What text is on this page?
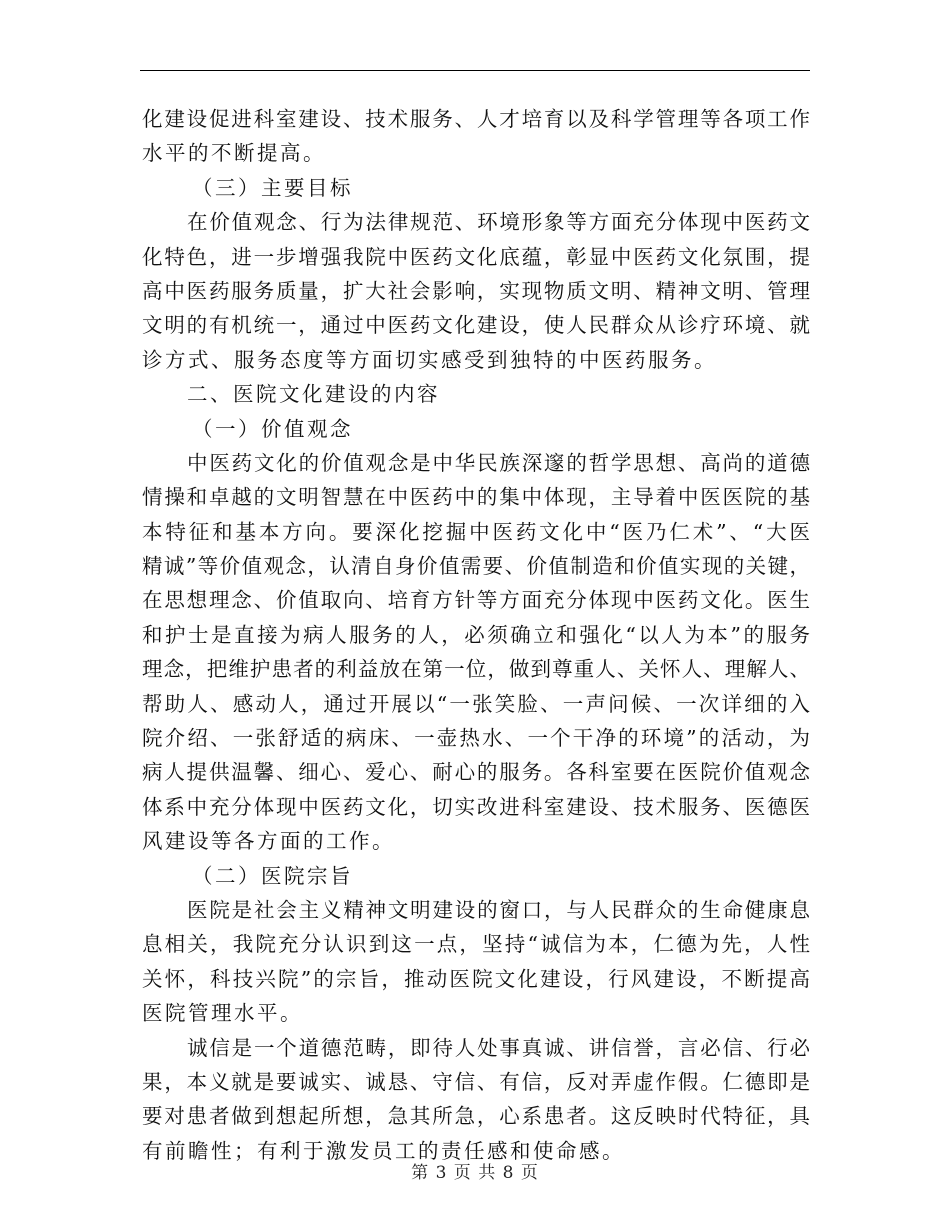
化建设促进科室建设、技术服务、人才培育以及科学管理等各项工作
水平的不断提高。
（三）主要目标
在价值观念、行为法律规范、环境形象等方面充分体现中医药文
化特色，进一步增强我院中医药文化底蕴，彰显中医药文化氛围，提
高中医药服务质量，扩大社会影响，实现物质文明、精神文明、管理
文明的有机统一，通过中医药文化建设，使人民群众从诊疗环境、就
诊方式、服务态度等方面切实感受到独特的中医药服务。
二、医院文化建设的内容
（一）价值观念
中医药文化的价值观念是中华民族深邃的哲学思想、高尚的道德
情操和卓越的文明智慧在中医药中的集中体现，主导着中医医院的基
本特征和基本方向。要深化挖掘中医药文化中“医乃仁术”、“大医
精诚”等价值观念，认清自身价值需要、价值制造和价值实现的关键，
在思想理念、价值取向、培育方针等方面充分体现中医药文化。医生
和护士是直接为病人服务的人，必须确立和强化“以人为本”的服务
理念，把维护患者的利益放在第一位，做到尊重人、关怀人、理解人、
帮助人、感动人，通过开展以“一张笑脸、一声问候、一次详细的入
院介绍、一张舒适的病床、一壶热水、一个干净的环境”的活动，为
病人提供温馨、细心、爱心、耐心的服务。各科室要在医院价值观念
体系中充分体现中医药文化，切实改进科室建设、技术服务、医德医
风建设等各方面的工作。
（二）医院宗旨
医院是社会主义精神文明建设的窗口，与人民群众的生命健康息
息相关，我院充分认识到这一点，坚持“诚信为本，仁德为先，人性
关怀，科技兴院”的宗旨，推动医院文化建设，行风建设，不断提高
医院管理水平。
诚信是一个道德范畴，即待人处事真诚、讲信誉，言必信、行必
果，本义就是要诚实、诚恳、守信、有信，反对弄虚作假。仁德即是
要对患者做到想起所想，急其所急，心系患者。这反映时代特征，具
有前瞻性；有利于激发员工的责任感和使命感。
第 3 页 共 8 页
